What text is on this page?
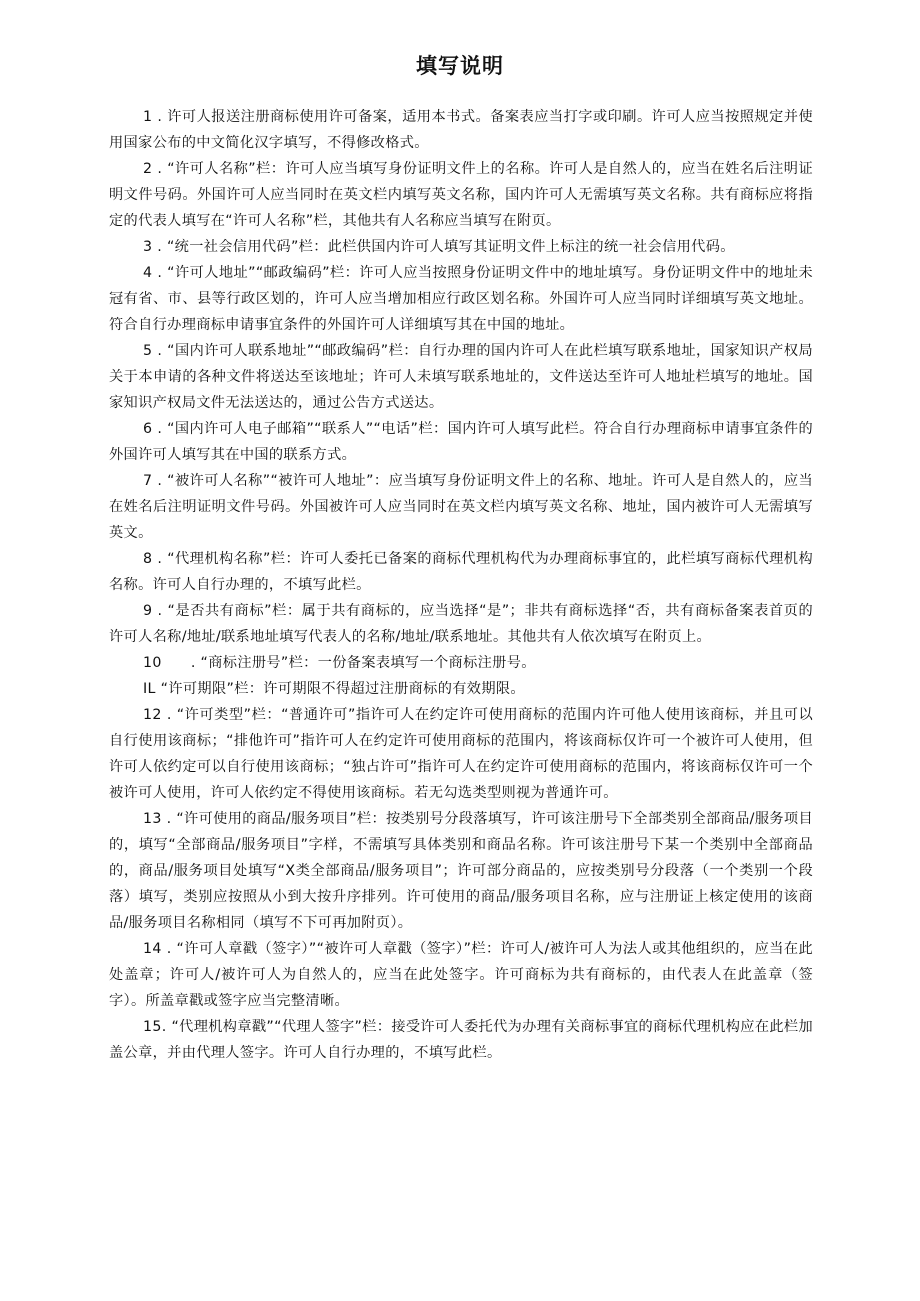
填写说明

1 . 许可人报送注册商标使用许可备案，适用本书式。备案表应当打字或印刷。许可人应当按照规定并使用国家公布的中文简化汉字填写，不得修改格式。

2 . “许可人名称”栏：许可人应当填写身份证明文件上的名称。许可人是自然人的，应当在姓名后注明证明文件号码。外国许可人应当同时在英文栏内填写英文名称，国内许可人无需填写英文名称。共有商标应将指定的代表人填写在“许可人名称”栏，其他共有人名称应当填写在附页。

3 . “统一社会信用代码”栏：此栏供国内许可人填写其证明文件上标注的统一社会信用代码。

4 . “许可人地址”“邮政编码”栏：许可人应当按照身份证明文件中的地址填写。身份证明文件中的地址未冠有省、市、县等行政区划的，许可人应当增加相应行政区划名称。外国许可人应当同时详细填写英文地址。符合自行办理商标申请事宜条件的外国许可人详细填写其在中国的地址。

5 . “国内许可人联系地址”“邮政编码”栏：自行办理的国内许可人在此栏填写联系地址，国家知识产权局关于本申请的各种文件将送达至该地址；许可人未填写联系地址的，文件送达至许可人地址栏填写的地址。国家知识产权局文件无法送达的，通过公告方式送达。

6 . “国内许可人电子邮箱”“联系人”“电话”栏：国内许可人填写此栏。符合自行办理商标申请事宜条件的外国许可人填写其在中国的联系方式。

7 . “被许可人名称”“被许可人地址”：应当填写身份证明文件上的名称、地址。许可人是自然人的，应当在姓名后注明证明文件号码。外国被许可人应当同时在英文栏内填写英文名称、地址，国内被许可人无需填写英文。

8 . “代理机构名称”栏：许可人委托已备案的商标代理机构代为办理商标事宜的，此栏填写商标代理机构名称。许可人自行办理的，不填写此栏。

9 . “是否共有商标”栏：属于共有商标的，应当选择“是”；非共有商标选择“否，共有商标备案表首页的许可人名称/地址/联系地址填写代表人的名称/地址/联系地址。其他共有人依次填写在附页上。

10　　. “商标注册号”栏：一份备案表填写一个商标注册号。

IL “许可期限”栏：许可期限不得超过注册商标的有效期限。

12 . “许可类型”栏：“普通许可”指许可人在约定许可使用商标的范围内许可他人使用该商标，并且可以自行使用该商标；“排他许可”指许可人在约定许可使用商标的范围内，将该商标仅许可一个被许可人使用，但许可人依约定可以自行使用该商标；“独占许可”指许可人在约定许可使用商标的范围内，将该商标仅许可一个被许可人使用，许可人依约定不得使用该商标。若无勾选类型则视为普通许可。

13 . “许可使用的商品/服务项目”栏：按类别号分段落填写，许可该注册号下全部类别全部商品/服务项目的，填写“全部商品/服务项目”字样，不需填写具体类别和商品名称。许可该注册号下某一个类别中全部商品的，商品/服务项目处填写“X类全部商品/服务项目”；许可部分商品的，应按类别号分段落（一个类别一个段落）填写，类别应按照从小到大按升序排列。许可使用的商品/服务项目名称，应与注册证上核定使用的该商品/服务项目名称相同（填写不下可再加附页）。

14 . “许可人章戳（签字）”“被许可人章戳（签字）”栏：许可人/被许可人为法人或其他组织的，应当在此处盖章；许可人/被许可人为自然人的，应当在此处签字。许可商标为共有商标的，由代表人在此盖章（签字）。所盖章戳或签字应当完整清晰。

15. “代理机构章戳”“代理人签字”栏：接受许可人委托代为办理有关商标事宜的商标代理机构应在此栏加盖公章，并由代理人签字。许可人自行办理的，不填写此栏。
